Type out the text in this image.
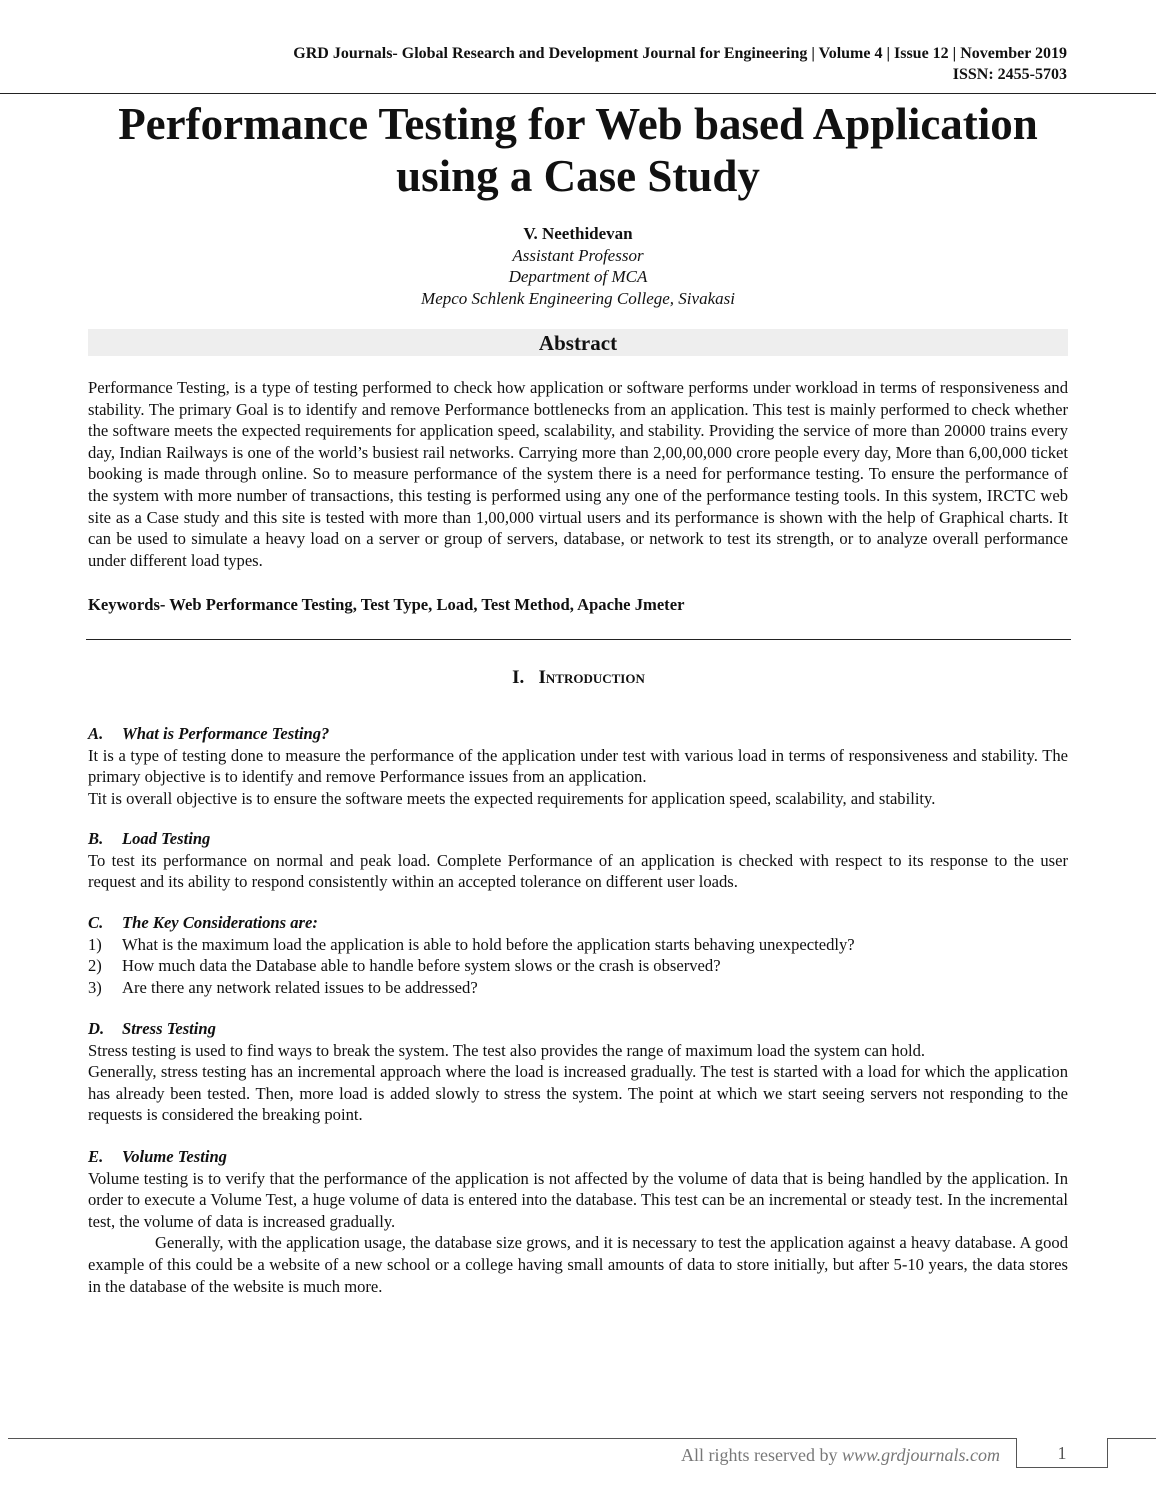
GRD Journals- Global Research and Development Journal for Engineering | Volume 4 | Issue 12 | November 2019
ISSN: 2455-5703
Performance Testing for Web based Application
using a Case Study
V. Neethidevan
Assistant Professor
Department of MCA
Mepco Schlenk Engineering College, Sivakasi
Abstract

Performance Testing, is a type of testing performed to check how application or software performs under workload in terms of responsiveness and stability. The primary Goal is to identify and remove Performance bottlenecks from an application. This test is mainly performed to check whether the software meets the expected requirements for application speed, scalability, and stability. Providing the service of more than 20000 trains every day, Indian Railways is one of the world’s busiest rail networks. Carrying more than 2,00,00,000 crore people every day, More than 6,00,000 ticket booking is made through online. So to measure performance of the system there is a need for performance testing. To ensure the performance of the system with more number of transactions, this testing is performed using any one of the performance testing tools. In this system, IRCTC web site as a Case study and this site is tested with more than 1,00,000 virtual users and its performance is shown with the help of Graphical charts. It can be used to simulate a heavy load on a server or group of servers, database, or network to test its strength, or to analyze overall performance under different load types.

Keywords- Web Performance Testing, Test Type, Load, Test Method, Apache Jmeter
I. Introduction
A. What is Performance Testing?

It is a type of testing done to measure the performance of the application under test with various load in terms of responsiveness and stability. The primary objective is to identify and remove Performance issues from an application.

Tit is overall objective is to ensure the software meets the expected requirements for application speed, scalability, and stability.

B. Load Testing

To test its performance on normal and peak load. Complete Performance of an application is checked with respect to its response to the user request and its ability to respond consistently within an accepted tolerance on different user loads.

C. The Key Considerations are:
1) What is the maximum load the application is able to hold before the application starts behaving unexpectedly?
2) How much data the Database able to handle before system slows or the crash is observed?
3) Are there any network related issues to be addressed?
D. Stress Testing

Stress testing is used to find ways to break the system. The test also provides the range of maximum load the system can hold.

Generally, stress testing has an incremental approach where the load is increased gradually. The test is started with a load for which the application has already been tested. Then, more load is added slowly to stress the system. The point at which we start seeing servers not responding to the requests is considered the breaking point.

E. Volume Testing

Volume testing is to verify that the performance of the application is not affected by the volume of data that is being handled by the application. In order to execute a Volume Test, a huge volume of data is entered into the database. This test can be an incremental or steady test. In the incremental test, the volume of data is increased gradually.

Generally, with the application usage, the database size grows, and it is necessary to test the application against a heavy database. A good example of this could be a website of a new school or a college having small amounts of data to store initially, but after 5-10 years, the data stores in the database of the website is much more.

All rights reserved by www.grdjournals.com	1
